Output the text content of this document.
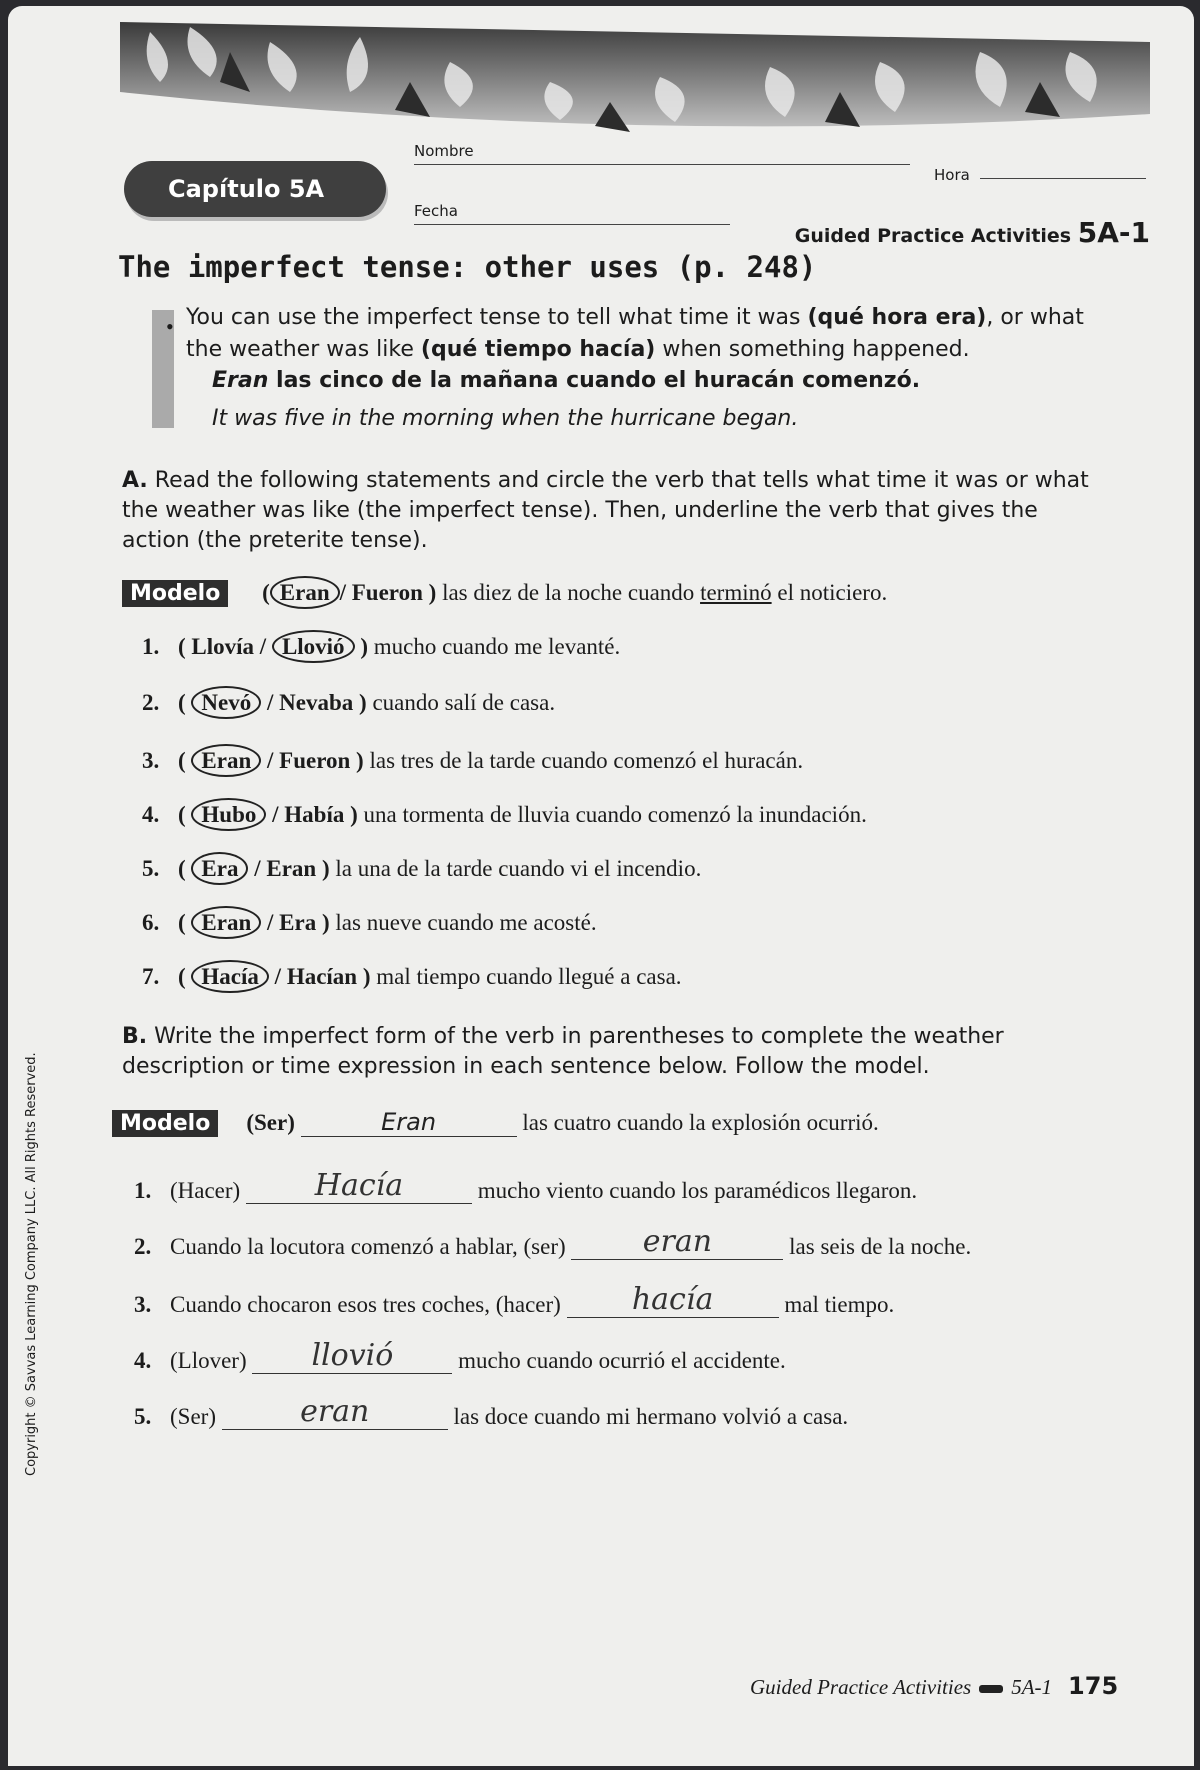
Capítulo 5A
Nombre
Hora
Fecha
Guided Practice Activities 5A-1
The imperfect tense: other uses (p. 248)
• You can use the imperfect tense to tell what time it was (qué hora era), or what the weather was like (qué tiempo hacía) when something happened.
Eran las cinco de la mañana cuando el huracán comenzó.
It was five in the morning when the hurricane began.
A. Read the following statements and circle the verb that tells what time it was or what the weather was like (the imperfect tense). Then, underline the verb that gives the action (the preterite tense).
Modelo ( Eran / Fueron ) las diez de la noche cuando terminó el noticiero.
1. ( Llovía / Llovió ) mucho cuando me levanté.
2. ( Nevó / Nevaba ) cuando salí de casa.
3. ( Eran / Fueron ) las tres de la tarde cuando comenzó el huracán.
4. ( Hubo / Había ) una tormenta de lluvia cuando comenzó la inundación.
5. ( Era / Eran ) la una de la tarde cuando vi el incendio.
6. ( Eran / Era ) las nueve cuando me acosté.
7. ( Hacía / Hacían ) mal tiempo cuando llegué a casa.
B. Write the imperfect form of the verb in parentheses to complete the weather description or time expression in each sentence below. Follow the model.
Modelo (Ser)	Eran	las cuatro cuando la explosión ocurrió.
1. (Hacer) Hacía	mucho viento cuando los paramédicos llegaron.
2. Cuando la locutora comenzó a hablar, (ser)	eran	las seis de la noche.
3. Cuando chocaron esos tres coches, (hacer) hacía	mal tiempo.
4. (Llover) llovió	mucho cuando ocurrió el accidente.
5. (Ser)	eran	las doce cuando mi hermano volvió a casa.
Copyright © Savvas Learning Company LLC. All Rights Reserved.
Guided Practice Activities 5A-1 175
